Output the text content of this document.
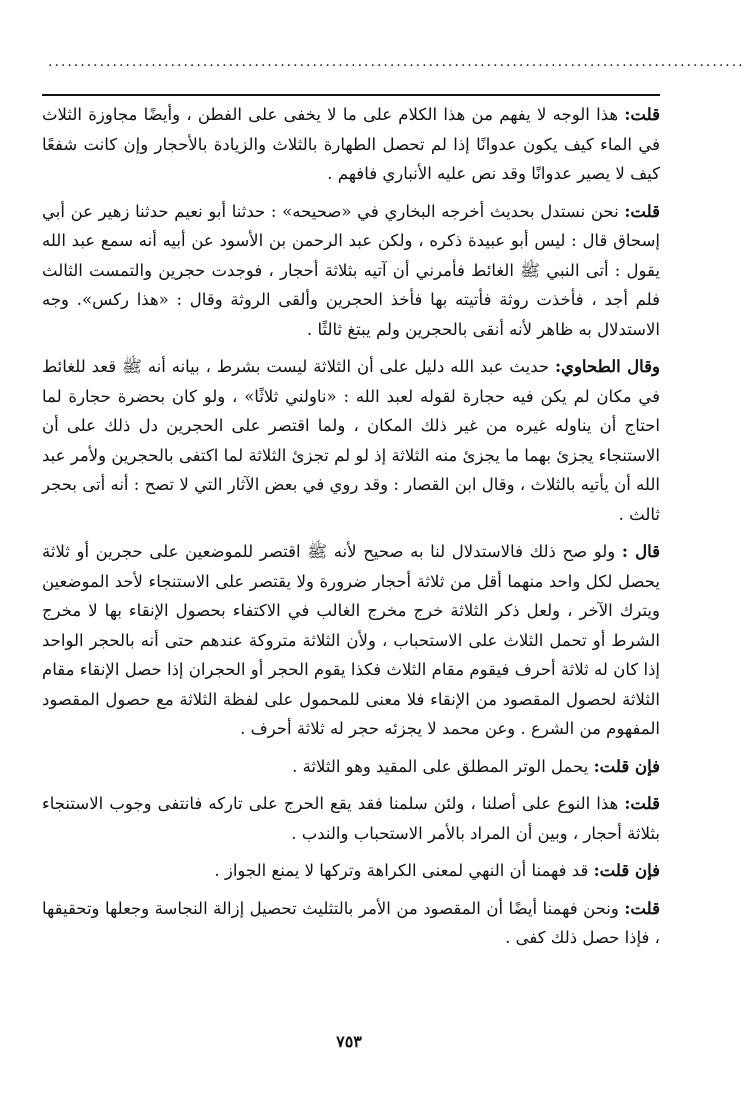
............................................................................................................

قلت: هذا الوجه لا يفهم من هذا الكلام على ما لا يخفى على الفطن ، وأيضًا مجاوزة الثلاث في الماء كيف يكون عدوانًا إذا لم تحصل الطهارة بالثلاث والزيادة بالأحجار وإن كانت شفعًا كيف لا يصير عدوانًا وقد نص عليه الأنباري فافهم .

قلت: نحن نستدل بحديث أخرجه البخاري في «صحيحه» : حدثنا أبو نعيم حدثنا زهير عن أبي إسحاق قال : ليس أبو عبيدة ذكره ، ولكن عبد الرحمن بن الأسود عن أبيه أنه سمع عبد الله يقول : أتى النبي ﷺ الغائط فأمرني أن آتيه بثلاثة أحجار ، فوجدت حجرين والتمست الثالث فلم أجد ، فأخذت روثة فأتيته بها فأخذ الحجرين وألقى الروثة وقال : «هذا ركس». وجه الاستدلال به ظاهر لأنه أنقى بالحجرين ولم يبتغ ثالثًا .

وقال الطحاوي: حديث عبد الله دليل على أن الثلاثة ليست بشرط ، بيانه أنه ﷺ قعد للغائط في مكان لم يكن فيه حجارة لقوله لعبد الله : «ناولني ثلاثًا» ، ولو كان بحضرة حجارة لما احتاج أن يناوله غيره من غير ذلك المكان ، ولما اقتصر على الحجرين دل ذلك على أن الاستنجاء يجزئ بهما ما يجزئ منه الثلاثة إذ لو لم تجزئ الثلاثة لما اكتفى بالحجرين ولأمر عبد الله أن يأتيه بالثلاث ، وقال ابن القصار : وقد روي في بعض الآثار التي لا تصح : أنه أتى بحجر ثالث .

قال : ولو صح ذلك فالاستدلال لنا به صحيح لأنه ﷺ اقتصر للموضعين على حجرين أو ثلاثة يحصل لكل واحد منهما أقل من ثلاثة أحجار ضرورة ولا يقتصر على الاستنجاء لأحد الموضعين ويترك الآخر ، ولعل ذكر الثلاثة خرج مخرج الغالب في الاكتفاء بحصول الإنقاء بها لا مخرج الشرط أو تحمل الثلاث على الاستحباب ، ولأن الثلاثة متروكة عندهم حتى أنه بالحجر الواحد إذا كان له ثلاثة أحرف فيقوم مقام الثلاث فكذا يقوم الحجر أو الحجران إذا حصل الإنقاء مقام الثلاثة لحصول المقصود من الإنقاء فلا معنى للمحمول على لفظة الثلاثة مع حصول المقصود المفهوم من الشرع . وعن محمد لا يجزئه حجر له ثلاثة أحرف .

فإن قلت: يحمل الوتر المطلق على المقيد وهو الثلاثة .

قلت: هذا النوع على أصلنا ، ولئن سلمنا فقد يقع الحرج على تاركه فانتفى وجوب الاستنجاء بثلاثة أحجار ، وبين أن المراد بالأمر الاستحباب والندب .

فإن قلت: قد فهمنا أن النهي لمعنى الكراهة وتركها لا يمنع الجواز .

قلت: ونحن فهمنا أيضًا أن المقصود من الأمر بالتثليث تحصيل إزالة النجاسة وجعلها وتحقيقها ، فإذا حصل ذلك كفى .

٧٥٣
